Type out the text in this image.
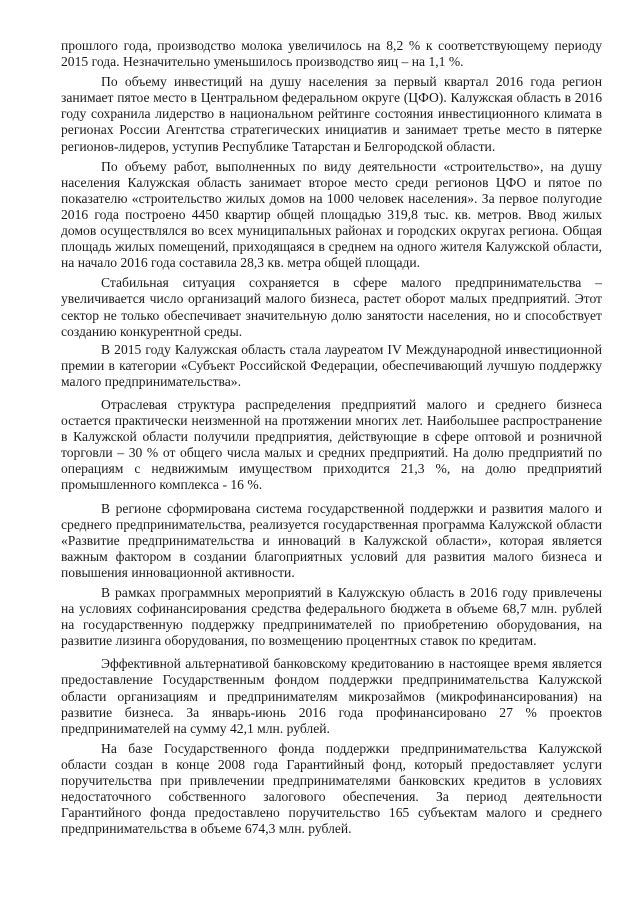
прошлого года, производство молока увеличилось на 8,2 % к соответствующему периоду 2015 года. Незначительно уменьшилось производство яиц – на 1,1 %.

По объему инвестиций на душу населения за первый квартал 2016 года регион занимает пятое место в Центральном федеральном округе (ЦФО). Калужская область в 2016 году сохранила лидерство в национальном рейтинге состояния инвестиционного климата в регионах России Агентства стратегических инициатив и занимает третье место в пятерке регионов-лидеров, уступив Республике Татарстан и Белгородской области.

По объему работ, выполненных по виду деятельности «строительство», на душу населения Калужская область занимает второе место среди регионов ЦФО и пятое по показателю «строительство жилых домов на 1000 человек населения». За первое полугодие 2016 года построено 4450 квартир общей площадью 319,8 тыс. кв. метров. Ввод жилых домов осуществлялся во всех муниципальных районах и городских округах региона. Общая площадь жилых помещений, приходящаяся в среднем на одного жителя Калужской области, на начало 2016 года составила 28,3 кв. метра общей площади.

Стабильная ситуация сохраняется в сфере малого предпринимательства – увеличивается число организаций малого бизнеса, растет оборот малых предприятий. Этот сектор не только обеспечивает значительную долю занятости населения, но и способствует созданию конкурентной среды.

В 2015 году Калужская область стала лауреатом IV Международной инвестиционной премии в категории «Субъект Российской Федерации, обеспечивающий лучшую поддержку малого предпринимательства».

Отраслевая структура распределения предприятий малого и среднего бизнеса остается практически неизменной на протяжении многих лет. Наибольшее распространение в Калужской области получили предприятия, действующие в сфере оптовой и розничной торговли – 30 % от общего числа малых и средних предприятий. На долю предприятий по операциям с недвижимым имуществом приходится 21,3 %, на долю предприятий промышленного комплекса - 16 %.

В регионе сформирована система государственной поддержки и развития малого и среднего предпринимательства, реализуется государственная программа Калужской области «Развитие предпринимательства и инноваций в Калужской области», которая является важным фактором в создании благоприятных условий для развития малого бизнеса и повышения инновационной активности.

В рамках программных мероприятий в Калужскую область в 2016 году привлечены на условиях софинансирования средства федерального бюджета в объеме 68,7 млн. рублей на государственную поддержку предпринимателей по приобретению оборудования, на развитие лизинга оборудования, по возмещению процентных ставок по кредитам.

Эффективной альтернативой банковскому кредитованию в настоящее время является предоставление Государственным фондом поддержки предпринимательства Калужской области организациям и предпринимателям микрозаймов (микрофинансирования) на развитие бизнеса. За январь-июнь 2016 года профинансировано 27 % проектов предпринимателей на сумму 42,1 млн. рублей.

На базе Государственного фонда поддержки предпринимательства Калужской области создан в конце 2008 года Гарантийный фонд, который предоставляет услуги поручительства при привлечении предпринимателями банковских кредитов в условиях недостаточного собственного залогового обеспечения. За период деятельности Гарантийного фонда предоставлено поручительство 165 субъектам малого и среднего предпринимательства в объеме 674,3 млн. рублей.
